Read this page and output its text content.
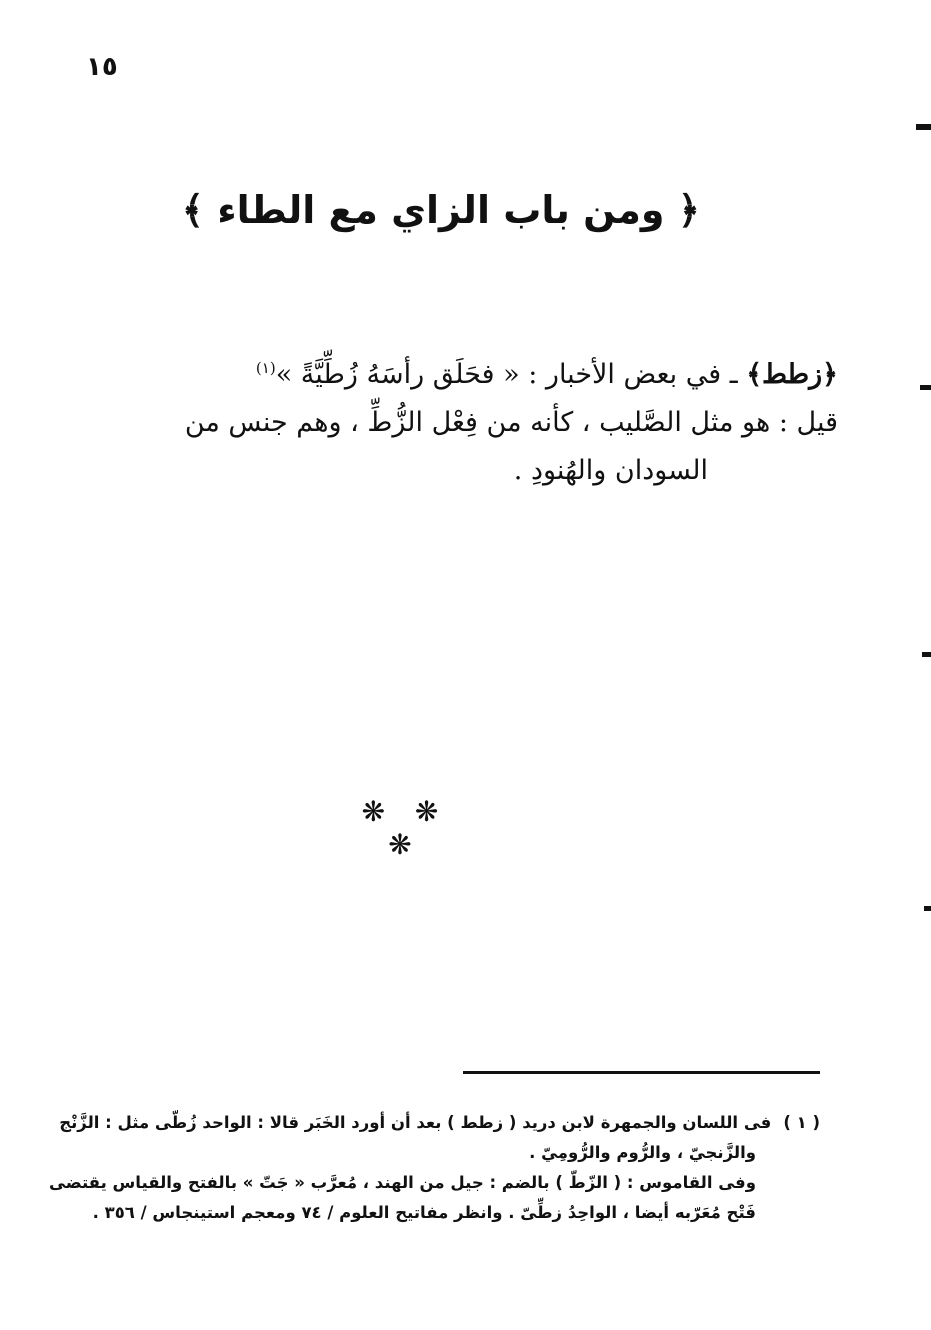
١٥
﴿ ومن باب الزاي مع الطاء ﴾
﴿زطط﴾ ـ في بعض الأخبار : « فحَلَق رأسَهُ زُطِّيَّةً »$^{(١)}$
قيل : هو مثل الصَّليب ، كأنه من فِعْل الزُّطِّ ، وهم جنس من
السودان والهُنودِ .
❋ ❋ ❋
( ١ )فى اللسان والجمهرة لابن دريد ( زطط ) بعد أن أورد الخَبَر قالا : الواحد زُطّى مثل : الزَّنْج
والزَّنجيّ ، والرُّوم والرُّومِيّ .
وفى القاموس : ( الزّطّ ) بالضم : جيل من الهند ، مُعرَّب « جَتّ » بالفتح والقياس يقتضى
فَتْح مُعَرّبه أيضا ، الواحِدُ زطِّىّ . وانظر مفاتيح العلوم / ٧٤ ومعجم استينجاس / ٣٥٦ .
